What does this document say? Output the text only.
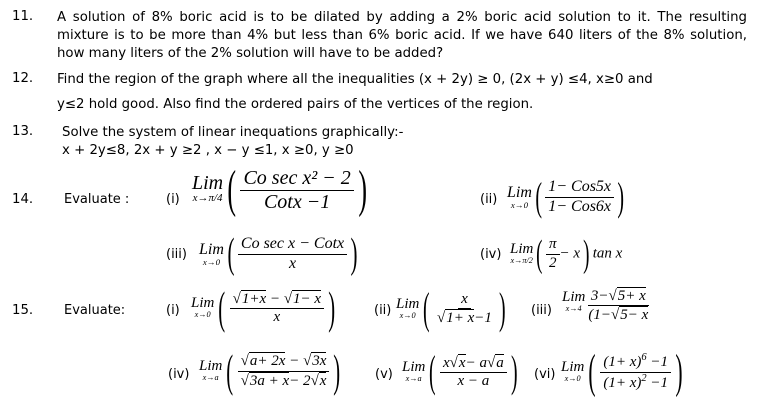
11. A solution of 8% boric acid is to be dilated by adding a 2% boric acid solution to it. The resulting mixture is to be more than 4% but less than 6% boric acid. If we have 640 liters of the 8% solution, how many liters of the 2% solution will have to be added?
12. Find the region of the graph where all the inequalities (x + 2y) ≥ 0, (2x + y) ≤4, x≥0 and
y≤2 hold good. Also find the ordered pairs of the vertices of the region.
13. Solve the system of linear inequations graphically:-
x + 2y≤8, 2x + y ≥2 , x − y ≤1, x ≥0, y ≥0
14. Evaluate :	(i)
Lim
x→π/4 ( $\frac{\text{Co sec x² − 2}}{\text{Cotx −1}}$ )	(ii) Lim
x→0 ( $\frac{\text{1− Cos5x}}{\text{1− Cos6x}}$ )
(iii) Lim
x→0 ( $\frac{\text{Co sec x − Cotx}}{x}$ )	(iv) Lim
x→π/2 ( $\frac{\pi}{2} - x$) tan x
15. Evaluate:	(i) Lim
x→0 ( $\frac{√1+x - √1- x}{x}$ )	(ii) Lim
x→0 ( $\frac{x}{√1+ x-1}$ )	(iii)
Lim
$x\to 4 \frac{3-√5+ x}{(1-√5- x}$
(iv)
Lim
x→a ( $\frac{√a+ 2x - √3x}{√3a + x- 2√x}$ )	(v) Lim
x→a ( $\frac{x√x- a√a}{x - a}$ )	(vi) Lim
x→0 ( $\frac{(1+ x)^6 -1}{(1+ x)^2 -1}$ )
